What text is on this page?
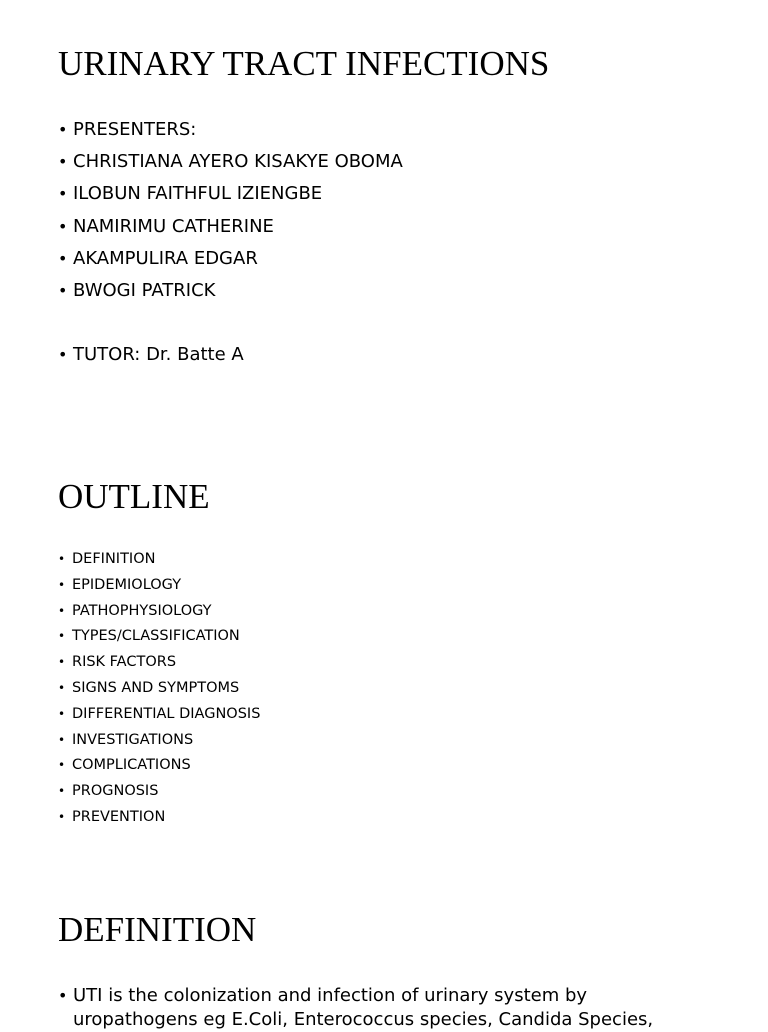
URINARY TRACT INFECTIONS
• PRESENTERS:
• CHRISTIANA AYERO KISAKYE OBOMA
• ILOBUN FAITHFUL IZIENGBE
• NAMIRIMU CATHERINE
• AKAMPULIRA EDGAR
• BWOGI PATRICK
• TUTOR: Dr. Batte A
OUTLINE
• DEFINITION
• EPIDEMIOLOGY
• PATHOPHYSIOLOGY
• TYPES/CLASSIFICATION
• RISK FACTORS
• SIGNS AND SYMPTOMS
• DIFFERENTIAL DIAGNOSIS
• INVESTIGATIONS
• COMPLICATIONS
• PROGNOSIS
• PREVENTION
DEFINITION
• UTI is the colonization and infection of urinary system by uropathogens eg E.Coli, Enterococcus species, Candida Species,
